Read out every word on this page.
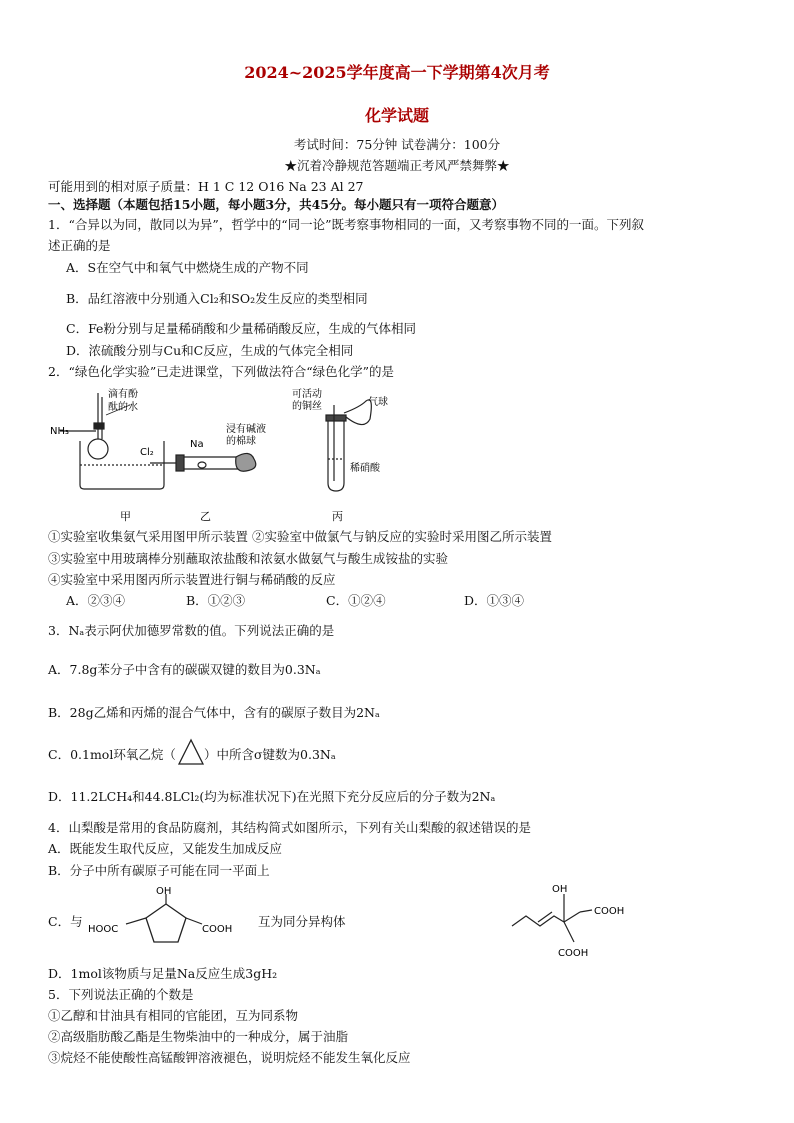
2024~2025学年度高一下学期第4次月考
化学试题
考试时间：75分钟 试卷满分：100分
★沉着冷静规范答题端正考风严禁舞弊★
可能用到的相对原子质量：H 1 C 12 O16 Na 23 Al 27
一、选择题（本题包括15小题，每小题3分，共45分。每小题只有一项符合题意）
1．“合异以为同，散同以为异”，哲学中的“同一论”既考察事物相同的一面，又考察事物不同的一面。下列叙
述正确的是
A．S在空气中和氧气中燃烧生成的产物不同
B．品红溶液中分别通入Cl₂和SO₂发生反应的类型相同
C．Fe粉分别与足量稀硝酸和少量稀硝酸反应，生成的气体相同
D．浓硫酸分别与Cu和C反应，生成的气体完全相同
2．“绿色化学实验”已走进课堂，下列做法符合“绿色化学”的是
NH₃
滴有酚
酞的水
甲
Cl₂
Na
浸有碱液
的棉球
乙
可活动
的铜丝	气球
稀硝酸
丙
①实验室收集氨气采用图甲所示装置 ②实验室中做氯气与钠反应的实验时采用图乙所示装置
③实验室中用玻璃棒分别蘸取浓盐酸和浓氨水做氨气与酸生成铵盐的实验
④实验室中采用图丙所示装置进行铜与稀硝酸的反应
A．②③④	B．①②③	C．①②④	D．①③④
3．Nₐ表示阿伏加德罗常数的值。下列说法正确的是
A．7.8g苯分子中含有的碳碳双键的数目为0.3Nₐ
B．28g乙烯和丙烯的混合气体中，含有的碳原子数目为2Nₐ
C．0.1mol环氧乙烷（ ）中所含σ键数为0.3Nₐ
D．11.2LCH₄和44.8LCl₂(均为标准状况下)在光照下充分反应后的分子数为2Nₐ
4．山梨酸是常用的食品防腐剂，其结构简式如图所示，下列有关山梨酸的叙述错误的是
A．既能发生取代反应，又能发生加成反应
B．分子中所有碳原子可能在同一平面上
C．与
OH
HOOC	COOH
互为同分异构体
OH
COOH
COOH
D．1mol该物质与足量Na反应生成3gH₂
5．下列说法正确的个数是
①乙醇和甘油具有相同的官能团，互为同系物
②高级脂肪酸乙酯是生物柴油中的一种成分，属于油脂
③烷烃不能使酸性高锰酸钾溶液褪色，说明烷烃不能发生氧化反应
